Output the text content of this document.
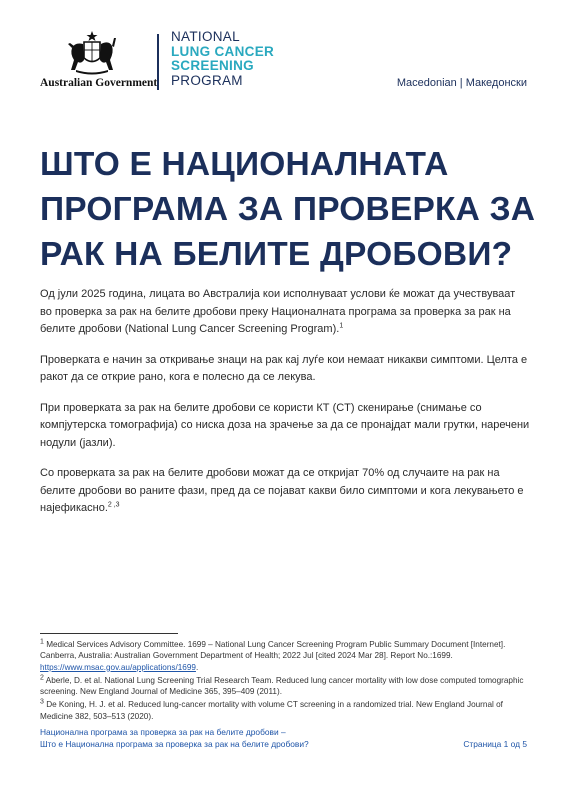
Australian Government
NATIONAL
LUNG CANCER
SCREENING
PROGRAM	Macedonian | Македонски
ШТО Е НАЦИОНАЛНАТА ПРОГРАМА ЗА ПРОВЕРКА ЗА РАК НА БЕЛИТЕ ДРОБОВИ?

Од јули 2025 година, лицата во Австралија кои исполнуваат услови ќе можат да учествуваат во проверка за рак на белите дробови преку Националната програма за проверка за рак на белите дробови (National Lung Cancer Screening Program).$^1$

Проверката е начин за откривање знаци на рак кај луѓе кои немаат никакви симптоми. Целта е ракот да се открие рано, кога е полесно да се лекува.

При проверката за рак на белите дробови се користи КТ (CT) скенирање (снимање со компјутерска томографија) со ниска доза на зрачење за да се пронајдат мали грутки, наречени нодули (јазли).

Со проверката за рак на белите дробови можат да се откријат 70% од случаите на рак на белите дробови во раните фази, пред да се појават какви било симптоми и кога лекувањето е најефикасно.$^{2 ,3}$

$^1$ Medical Services Advisory Committee. 1699 – National Lung Cancer Screening Program Public Summary Document [Internet]. Canberra, Australia: Australian Government Department of Health; 2022 Jul [cited 2024 Mar 28]. Report No.:1699. https://www.msac.gov.au/applications/1699.
$^2$ Aberle, D. et al. National Lung Screening Trial Research Team. Reduced lung cancer mortality with low dose computed tomographic screening. New England Journal of Medicine 365, 395–409 (2011).
$^3$ De Koning, H. J. et al. Reduced lung-cancer mortality with volume CT screening in a randomized trial. New England Journal of Medicine 382, 503–513 (2020).
Национална програма за проверка за рак на белите дробови –
Што е Национална програма за проверка за рак на белите дробови?	Страница 1 од 5
